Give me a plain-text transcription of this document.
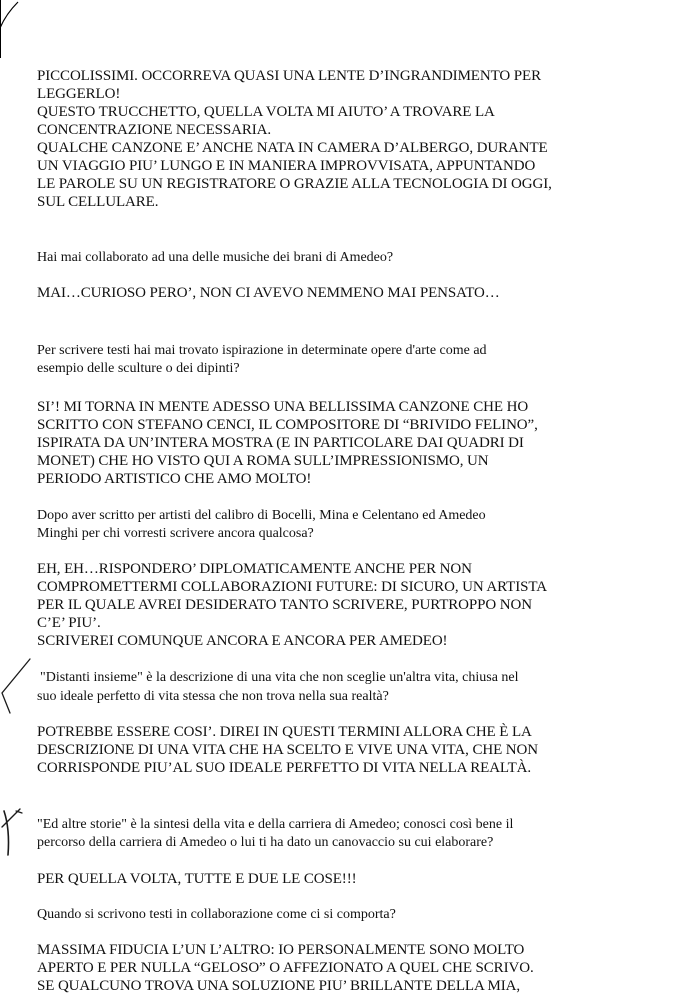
PICCOLISSIMI. OCCORREVA QUASI UNA LENTE D’INGRANDIMENTO PER
LEGGERLO!
QUESTO TRUCCHETTO, QUELLA VOLTA MI AIUTO’ A TROVARE LA
CONCENTRAZIONE NECESSARIA.
QUALCHE CANZONE E’ ANCHE NATA IN CAMERA D’ALBERGO, DURANTE
UN VIAGGIO PIU’ LUNGO E IN MANIERA IMPROVVISATA, APPUNTANDO
LE PAROLE SU UN REGISTRATORE O GRAZIE ALLA TECNOLOGIA DI OGGI,
SUL CELLULARE.
Hai mai collaborato ad una delle musiche dei brani di Amedeo?
MAI…CURIOSO PERO’, NON CI AVEVO NEMMENO MAI PENSATO…
Per scrivere testi hai mai trovato ispirazione in determinate opere d'arte come ad
esempio delle sculture o dei dipinti?
SI’! MI TORNA IN MENTE ADESSO UNA BELLISSIMA CANZONE CHE HO
SCRITTO CON STEFANO CENCI, IL COMPOSITORE DI “BRIVIDO FELINO”,
ISPIRATA DA UN’INTERA MOSTRA (E IN PARTICOLARE DAI QUADRI DI
MONET) CHE HO VISTO QUI A ROMA SULL’IMPRESSIONISMO, UN
PERIODO ARTISTICO CHE AMO MOLTO!
Dopo aver scritto per artisti del calibro di Bocelli, Mina e Celentano ed Amedeo
Minghi per chi vorresti scrivere ancora qualcosa?
EH, EH…RISPONDERO’ DIPLOMATICAMENTE ANCHE PER NON
COMPROMETTERMI COLLABORAZIONI FUTURE: DI SICURO, UN ARTISTA
PER IL QUALE AVREI DESIDERATO TANTO SCRIVERE, PURTROPPO NON
C’E’ PIU’.
SCRIVEREI COMUNQUE ANCORA E ANCORA PER AMEDEO!
"Distanti insieme" è la descrizione di una vita che non sceglie un'altra vita, chiusa nel
suo ideale perfetto di vita stessa che non trova nella sua realtà?
POTREBBE ESSERE COSI’. DIREI IN QUESTI TERMINI ALLORA CHE È LA
DESCRIZIONE DI UNA VITA CHE HA SCELTO E VIVE UNA VITA, CHE NON
CORRISPONDE PIU’AL SUO IDEALE PERFETTO DI VITA NELLA REALTÀ.
"Ed altre storie" è la sintesi della vita e della carriera di Amedeo; conosci così bene il
percorso della carriera di Amedeo o lui ti ha dato un canovaccio su cui elaborare?
PER QUELLA VOLTA, TUTTE E DUE LE COSE!!!
Quando si scrivono testi in collaborazione come ci si comporta?
MASSIMA FIDUCIA L’UN L’ALTRO: IO PERSONALMENTE SONO MOLTO
APERTO E PER NULLA “GELOSO” O AFFEZIONATO A QUEL CHE SCRIVO.
SE QUALCUNO TROVA UNA SOLUZIONE PIU’ BRILLANTE DELLA MIA,
